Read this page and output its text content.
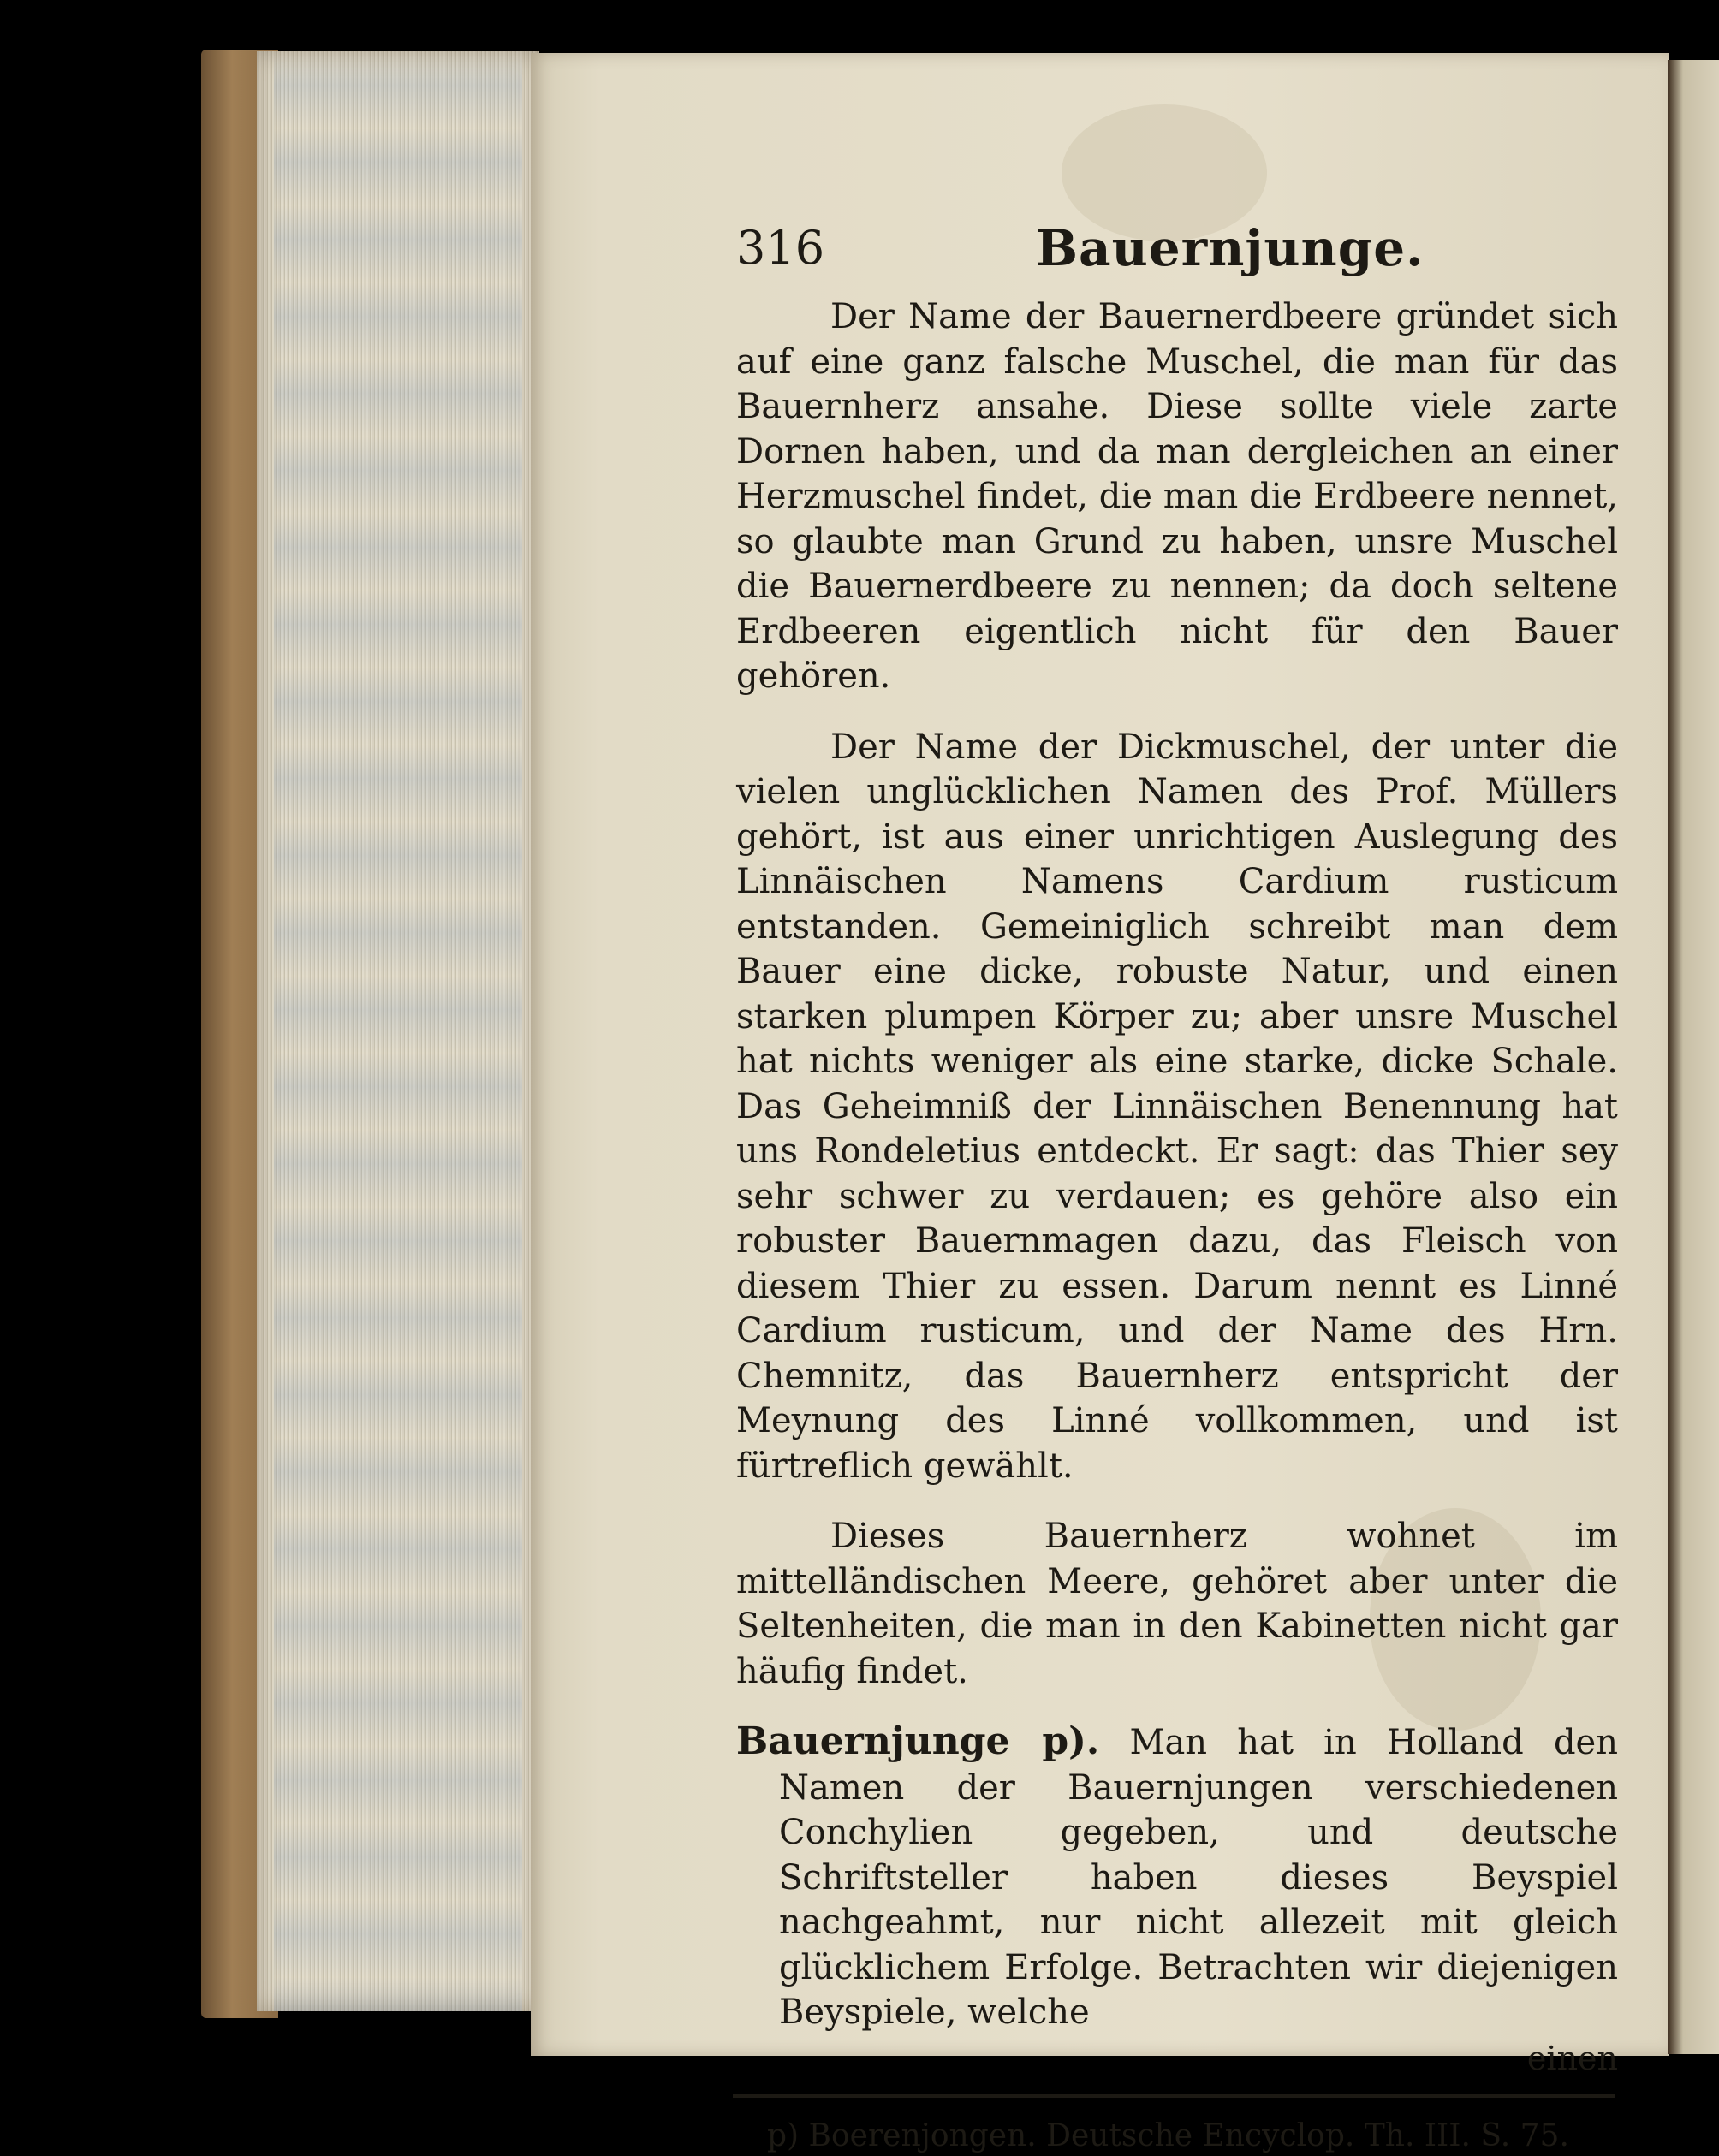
316	Bauernjunge.

Der Name der Bauernerdbeere gründet sich auf eine ganz falsche Muschel, die man für das Bauernherz ansahe. Diese sollte viele zarte Dornen haben, und da man dergleichen an einer Herzmuschel findet, die man die Erdbeere nennet, so glaubte man Grund zu haben, unsre Muschel die Bauernerdbeere zu nennen; da doch seltene Erdbeeren eigentlich nicht für den Bauer gehören.

Der Name der Dickmuschel, der unter die vielen unglücklichen Namen des Prof. Müllers gehört, ist aus einer unrichtigen Auslegung des Linnäischen Namens Cardium rusticum entstanden. Gemeiniglich schreibt man dem Bauer eine dicke, robuste Natur, und einen starken plumpen Körper zu; aber unsre Muschel hat nichts weniger als eine starke, dicke Schale. Das Geheimniß der Linnäischen Benennung hat uns Rondeletius entdeckt. Er sagt: das Thier sey sehr schwer zu verdauen; es gehöre also ein robuster Bauernmagen dazu, das Fleisch von diesem Thier zu essen. Darum nennt es Linné Cardium rusticum, und der Name des Hrn. Chemnitz, das Bauernherz entspricht der Meynung des Linné vollkommen, und ist fürtreflich gewählt.

Dieses Bauernherz wohnet im mittelländischen Meere, gehöret aber unter die Seltenheiten, die man in den Kabinetten nicht gar häufig findet.

Bauernjunge p). Man hat in Holland den Namen der Bauernjungen verschiedenen Conchylien gegeben, und deutsche Schriftsteller haben dieses Beyspiel nachgeahmt, nur nicht allezeit mit gleich glücklichem Erfolge. Betrachten wir diejenigen Beyspiele, welche

einen
p) Boerenjongen. Deutsche Encyclop. Th. III. S. 75.
